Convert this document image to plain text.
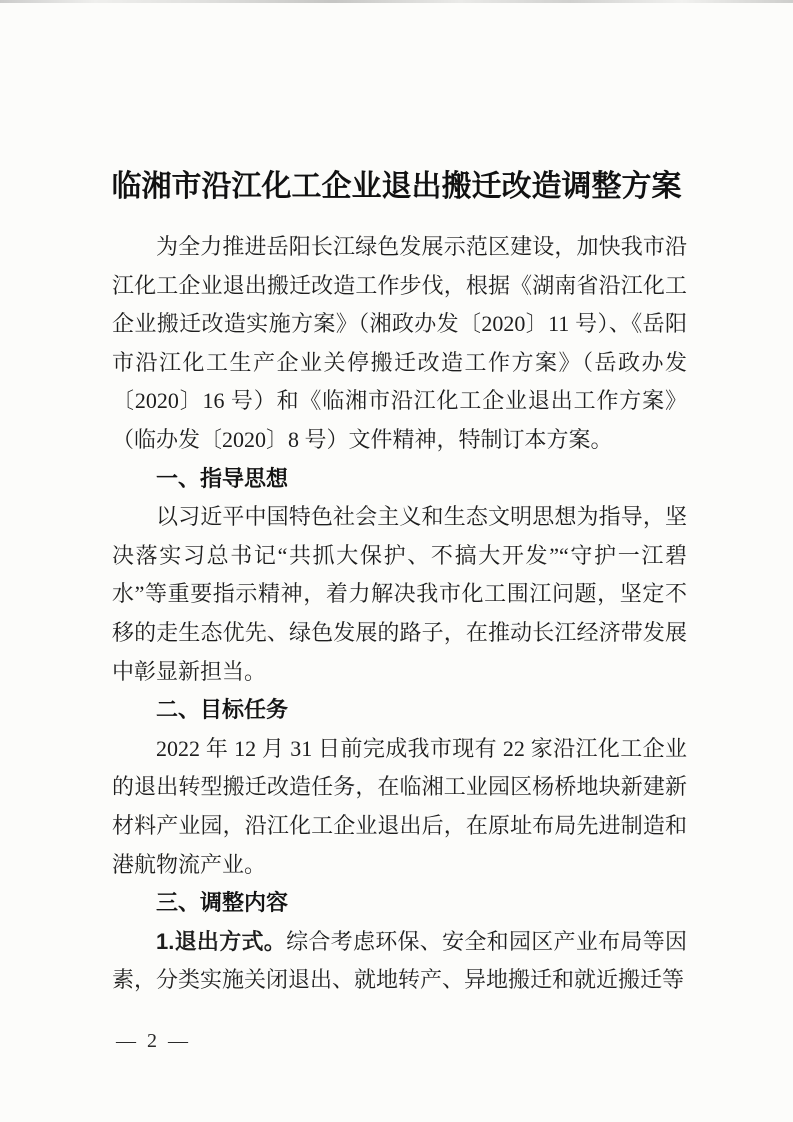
临湘市沿江化工企业退出搬迁改造调整方案

为全力推进岳阳长江绿色发展示范区建设，加快我市沿江化工企业退出搬迁改造工作步伐，根据《湖南省沿江化工企业搬迁改造实施方案》（湘政办发〔2020〕11 号）、《岳阳市沿江化工生产企业关停搬迁改造工作方案》（岳政办发〔2020〕16 号）和《临湘市沿江化工企业退出工作方案》（临办发〔2020〕8 号）文件精神，特制订本方案。

一、指导思想

以习近平中国特色社会主义和生态文明思想为指导，坚决落实习总书记“共抓大保护、不搞大开发”“守护一江碧水”等重要指示精神，着力解决我市化工围江问题，坚定不移的走生态优先、绿色发展的路子，在推动长江经济带发展中彰显新担当。

二、目标任务

2022 年 12 月 31 日前完成我市现有 22 家沿江化工企业的退出转型搬迁改造任务，在临湘工业园区杨桥地块新建新材料产业园，沿江化工企业退出后，在原址布局先进制造和港航物流产业。

三、调整内容

1.退出方式。综合考虑环保、安全和园区产业布局等因素，分类实施关闭退出、就地转产、异地搬迁和就近搬迁等

— 2 —
